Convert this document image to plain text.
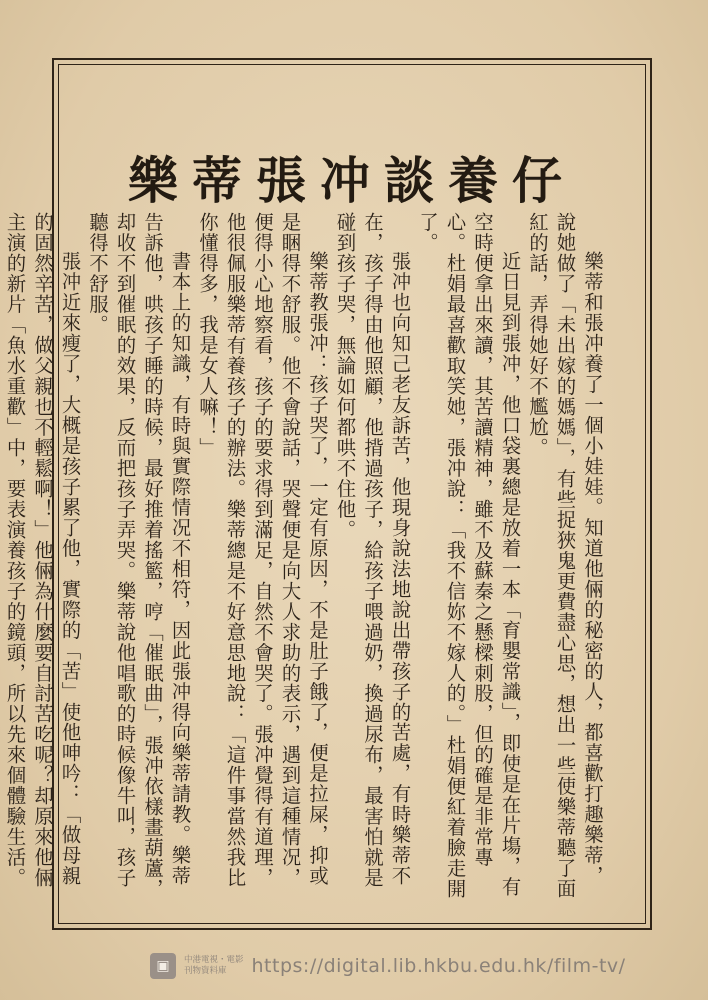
樂蒂張冲談養仔

樂蒂和張冲養了一個小娃娃。知道他倆的秘密的人，都喜歡打趣樂蒂，說她做了「未出嫁的媽媽」，有些捉狹鬼更費盡心思，想出一些使樂蒂聽了面紅的話，弄得她好不尷尬。

近日見到張冲，他口袋裏總是放着一本「育嬰常識」，即使是在片塲，有空時便拿出來讀，其苦讀精神，雖不及蘇秦之懸樑刺股，但的確是非常專心。杜娟最喜歡取笑她，張冲說：「我不信妳不嫁人的。」杜娟便紅着臉走開了。

張冲也向知己老友訴苦，他現身說法地說出帶孩子的苦處，有時樂蒂不在，孩子得由他照顧，他揹過孩子，給孩子喂過奶，換過尿布，最害怕就是碰到孩子哭，無論如何都哄不住他。

樂蒂教張冲：孩子哭了，一定有原因，不是肚子餓了，便是拉屎，抑或是睏得不舒服。他不會說話，哭聲便是向大人求助的表示，遇到這種情况，便得小心地察看，孩子的要求得到滿足，自然不會哭了。張冲覺得有道理，他很佩服樂蒂有養孩子的辦法。樂蒂總是不好意思地說：「這件事當然我比你懂得多，我是女人嘛！」

書本上的知識，有時與實際情况不相符，因此張冲得向樂蒂請教。樂蒂告訴他，哄孩子睡的時候，最好推着搖籃，哼「催眠曲」，張冲依樣畫葫蘆，却收不到催眠的效果，反而把孩子弄哭。樂蒂說他唱歌的時候像牛叫，孩子聽得不舒服。

張冲近來瘦了，大概是孩子累了他，實際的「苦」使他呻吟：「做母親的固然辛苦，做父親也不輕鬆啊！」他倆為什麼要自討苦吃呢？却原來他倆主演的新片「魚水重歡」中，要表演養孩子的鏡頭，所以先來個體驗生活。

▣	中港電視・電影
刊物資料庫	https://digital.lib.hkbu.edu.hk/film-tv/
